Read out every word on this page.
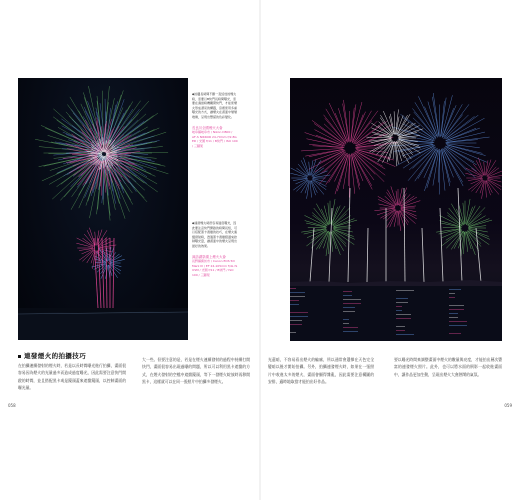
◆拍攝長時間不斷一直綻放的煙火時，需要以B快門長時間曝光，需要在適當時機關閉快門，才能使煙火形成漂亮的構圖，這裡使用多重曝光的方式，讓煙火在畫面中層層堆疊，呈現出豐富的色彩變化。
長良川全國煙火大會
岐阜縣岐阜市 / Nikon D800 / AF-S NIKKOR 24-70mm f/2.8G ED / 光圈 f/11 / B快門 / ISO 100 / 三腳架
◆連發煙火時很容易過度曝光，因此要注意快門開啟的時間長短，可以搭配黑卡遮擋的技巧，在煙火連續發射時，透過黑卡遮擋鏡頭來控制曝光量，讓畫面中的煙火呈現出最好的效果。
諏訪湖祭湖上煙火大會
長野縣諏訪市 / Canon EOS 5D Mark III / EF 24-105mm f/4L IS USM / 光圈 f/11 / B快門 / ISO 100 / 三腳架
連發煙火的拍攝技巧
在拍攝連續發射的煙火時，若是以長時間曝光進行拍攝，畫面很容易因為煙火的光量過多而造成過度曝光，因此需要注意快門開啟的時間，並且搭配黑卡或是鏡頭蓋來遮擋鏡頭，以控制畫面的曝光量。
大一些。但要注意的是，若是在煙火連續發射的過程中持續打開快門，畫面很容易出現過曝的問題，所以可以利用黑卡遮擋的方式，在煙火發射的空檔中遮擋鏡頭，等下一發煙火綻放時再移開黑卡，這樣就可以在同一張照片中拍攝多發煙火。
058
光還暗，不容易看出煙火的輪廓，所以通常會選擇在天色完全變暗以後才開始拍攝。另外，拍攝連發煙火時，如果在一張照片中收進太多的煙火，畫面會顯得雜亂，因此需要注意構圖的安排，適時地取捨才能拍出好作品。
要以曝光時間來調整畫面中煙火的數量與亮度，才能拍出層次豐富的連發煙火照片。此外，也可以將水面的倒影一起收進畫面中，讓作品更加生動，呈現出煙火大會熱鬧的氣氛。
059
